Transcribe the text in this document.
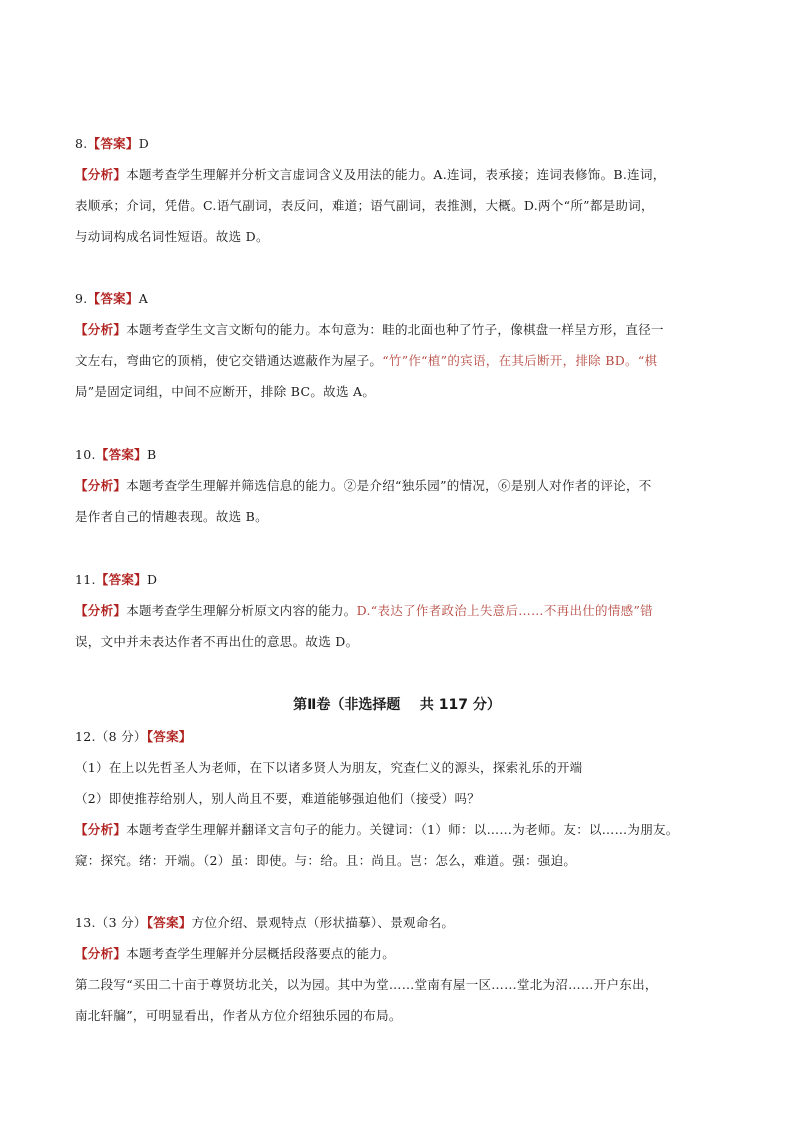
8.【答案】D
【分析】本题考查学生理解并分析文言虚词含义及用法的能力。A.连词，表承接；连词表修饰。B.连词，
表顺承；介词，凭借。C.语气副词，表反问，难道；语气副词，表推测，大概。D.两个“所”都是助词，
与动词构成名词性短语。故选 D。
9.【答案】A
【分析】本题考查学生文言文断句的能力。本句意为：畦的北面也种了竹子，像棋盘一样呈方形，直径一
文左右，弯曲它的顶梢，使它交错通达遮蔽作为屋子。“竹”作“植”的宾语，在其后断开，排除 BD。“棋
局”是固定词组，中间不应断开，排除 BC。故选 A。
10.【答案】B
【分析】本题考查学生理解并筛选信息的能力。②是介绍“独乐园”的情况，⑥是别人对作者的评论，不
是作者自己的情趣表现。故选 B。
11.【答案】D
【分析】本题考查学生理解分析原文内容的能力。D.“表达了作者政治上失意后……不再出仕的情感”错
误，文中并未表达作者不再出仕的意思。故选 D。
第Ⅱ卷（非选择题    共 117 分）
12.（8 分）【答案】
（1）在上以先哲圣人为老师，在下以诸多贤人为朋友，究查仁义的源头，探索礼乐的开端
（2）即使推荐给别人，别人尚且不要，难道能够强迫他们（接受）吗？
【分析】本题考查学生理解并翻译文言句子的能力。关键词：（1）师：以……为老师。友：以……为朋友。
窥：探究。绪：开端。（2）虽：即使。与：给。且：尚且。岂：怎么，难道。强：强迫。
13.（3 分）【答案】方位介绍、景观特点（形状描摹）、景观命名。
【分析】本题考查学生理解并分层概括段落要点的能力。
第二段写“买田二十亩于尊贤坊北关，以为园。其中为堂……堂南有屋一区……堂北为沼……开户东出，
南北轩牖”，可明显看出，作者从方位介绍独乐园的布局。
